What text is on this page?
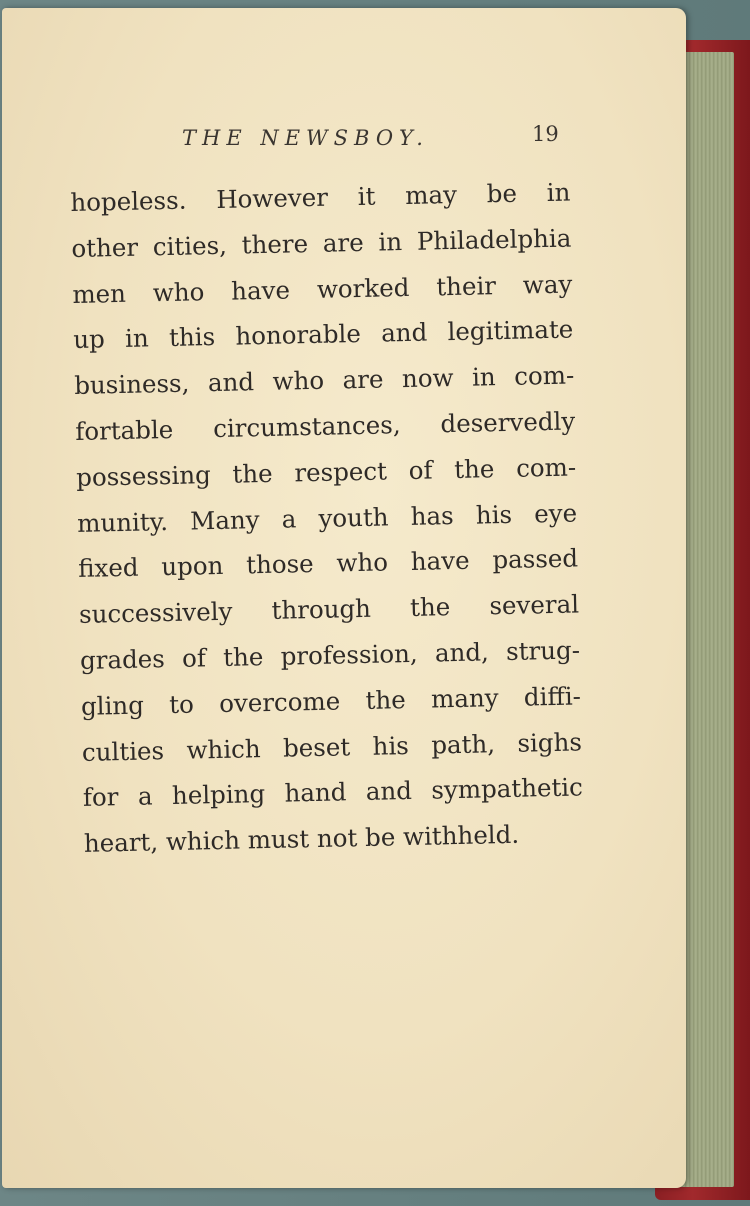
THE NEWSBOY.	19
hopeless. However it may be in
other cities, there are in Philadelphia
men who have worked their way
up in this honorable and legitimate
business, and who are now in com-
fortable circumstances, deservedly
possessing the respect of the com-
munity. Many a youth has his eye
fixed upon those who have passed
successively through the several
grades of the profession, and, strug-
gling to overcome the many diffi-
culties which beset his path, sighs
for a helping hand and sympathetic
heart, which must not be withheld.
